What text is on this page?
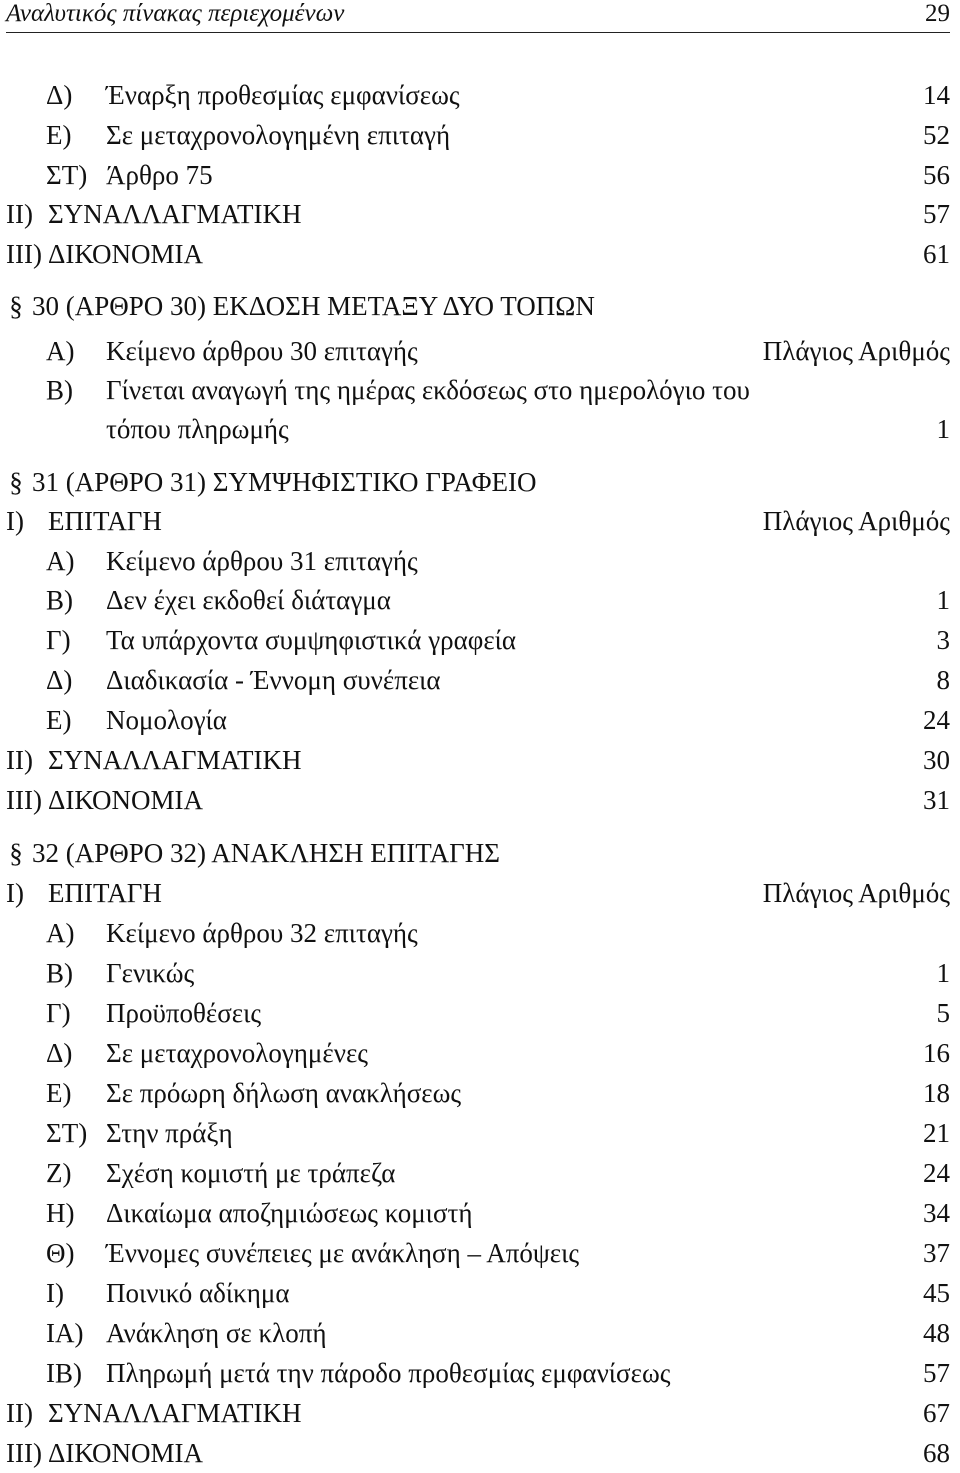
Αναλυτικός πίνακας περιεχομένων	29
Δ) Έναρξη προθεσμίας εμφανίσεως	14
Ε) Σε μεταχρονολογημένη επιταγή	52
ΣΤ) Άρθρο 75	56
ΙΙ) ΣΥΝΑΛΛΑΓΜΑΤΙΚΗ	57
ΙΙΙ) ΔΙΚΟΝΟΜΙΑ	61
§ 30 (ΑΡΘΡΟ 30) ΕΚΔΟΣΗ ΜΕΤΑΞΥ ΔΥΟ ΤΟΠΩΝ
Α) Κείμενο άρθρου 30 επιταγής	Πλάγιος Αριθμός
Β) Γίνεται αναγωγή της ημέρας εκδόσεως στο ημερολόγιο του
τόπου πληρωμής	1
§ 31 (ΑΡΘΡΟ 31) ΣΥΜΨΗΦΙΣΤΙΚΟ ΓΡΑΦΕΙΟ
Ι) ΕΠΙΤΑΓΗ	Πλάγιος Αριθμός
Α) Κείμενο άρθρου 31 επιταγής
Β) Δεν έχει εκδοθεί διάταγμα	1
Γ) Τα υπάρχοντα συμψηφιστικά γραφεία	3
Δ) Διαδικασία - Έννομη συνέπεια	8
Ε) Νομολογία	24
ΙΙ) ΣΥΝΑΛΛΑΓΜΑΤΙΚΗ	30
ΙΙΙ) ΔΙΚΟΝΟΜΙΑ	31
§ 32 (ΑΡΘΡΟ 32) ΑΝΑΚΛΗΣΗ ΕΠΙΤΑΓΗΣ
Ι) ΕΠΙΤΑΓΗ	Πλάγιος Αριθμός
Α) Κείμενο άρθρου 32 επιταγής
Β) Γενικώς	1
Γ) Προϋποθέσεις	5
Δ) Σε μεταχρονολογημένες	16
Ε) Σε πρόωρη δήλωση ανακλήσεως	18
ΣΤ) Στην πράξη	21
Ζ) Σχέση κομιστή με τράπεζα	24
Η) Δικαίωμα αποζημιώσεως κομιστή	34
Θ) Έννομες συνέπειες με ανάκληση – Απόψεις	37
Ι) Ποινικό αδίκημα	45
ΙΑ) Ανάκληση σε κλοπή	48
ΙΒ) Πληρωμή μετά την πάροδο προθεσμίας εμφανίσεως	57
ΙΙ) ΣΥΝΑΛΛΑΓΜΑΤΙΚΗ	67
ΙΙΙ) ΔΙΚΟΝΟΜΙΑ	68
